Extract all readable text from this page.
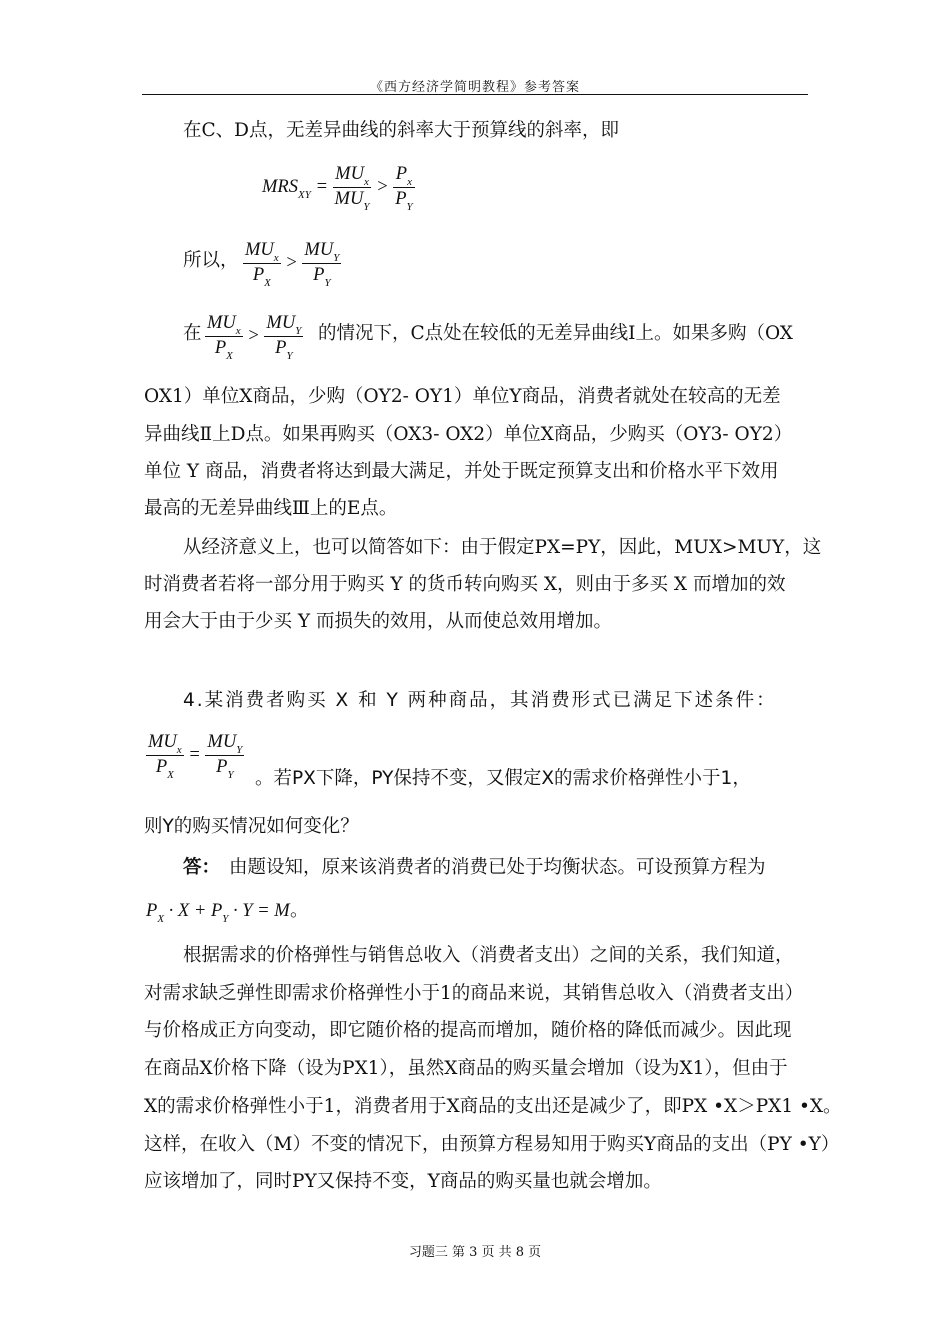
《西方经济学简明教程》参考答案
在C、D点，无差异曲线的斜率大于预算线的斜率，即
$MRS_{XY} = \frac{MU_x}{MU_Y} > \frac{P_x}{P_Y}$
所以， $\frac{MU_x}{P_X} > \frac{MU_Y}{P_Y}$
在 $\frac{MU_x}{P_X} > \frac{MU_Y}{P_Y}$ 的情况下，C点处在较低的无差异曲线Ⅰ上。如果多购（OX
OX1）单位X商品，少购（OY2- OY1）单位Y商品，消费者就处在较高的无差
异曲线Ⅱ上D点。如果再购买（OX3- OX2）单位X商品，少购买（OY3- OY2）
单位 Y 商品，消费者将达到最大满足，并处于既定预算支出和价格水平下效用
最高的无差异曲线Ⅲ上的E点。
从经济意义上，也可以简答如下：由于假定PX=PY，因此，MUX>MUY，这
时消费者若将一部分用于购买 Y 的货币转向购买 X，则由于多买 X 而增加的效
用会大于由于少买 Y 而损失的效用，从而使总效用增加。
4.某消费者购买 X 和 Y 两种商品，其消费形式已满足下述条件：
$\frac{MU_x}{P_X} = \frac{MU_Y}{P_Y}$ 。若PX下降，PY保持不变，又假定X的需求价格弹性小于1，
则Y的购买情况如何变化？
答： 由题设知，原来该消费者的消费已处于均衡状态。可设预算方程为
$P_X \cdot X + P_Y \cdot Y = M$ 。
根据需求的价格弹性与销售总收入（消费者支出）之间的关系，我们知道，
对需求缺乏弹性即需求价格弹性小于1的商品来说，其销售总收入（消费者支出）
与价格成正方向变动，即它随价格的提高而增加，随价格的降低而减少。因此现
在商品X价格下降（设为PX1），虽然X商品的购买量会增加（设为X1），但由于
X的需求价格弹性小于1，消费者用于X商品的支出还是减少了，即PX •X＞PX1 •X。
这样，在收入（M）不变的情况下，由预算方程易知用于购买Y商品的支出（PY •Y）
应该增加了，同时PY又保持不变，Y商品的购买量也就会增加。
习题三 第 3 页 共 8 页
